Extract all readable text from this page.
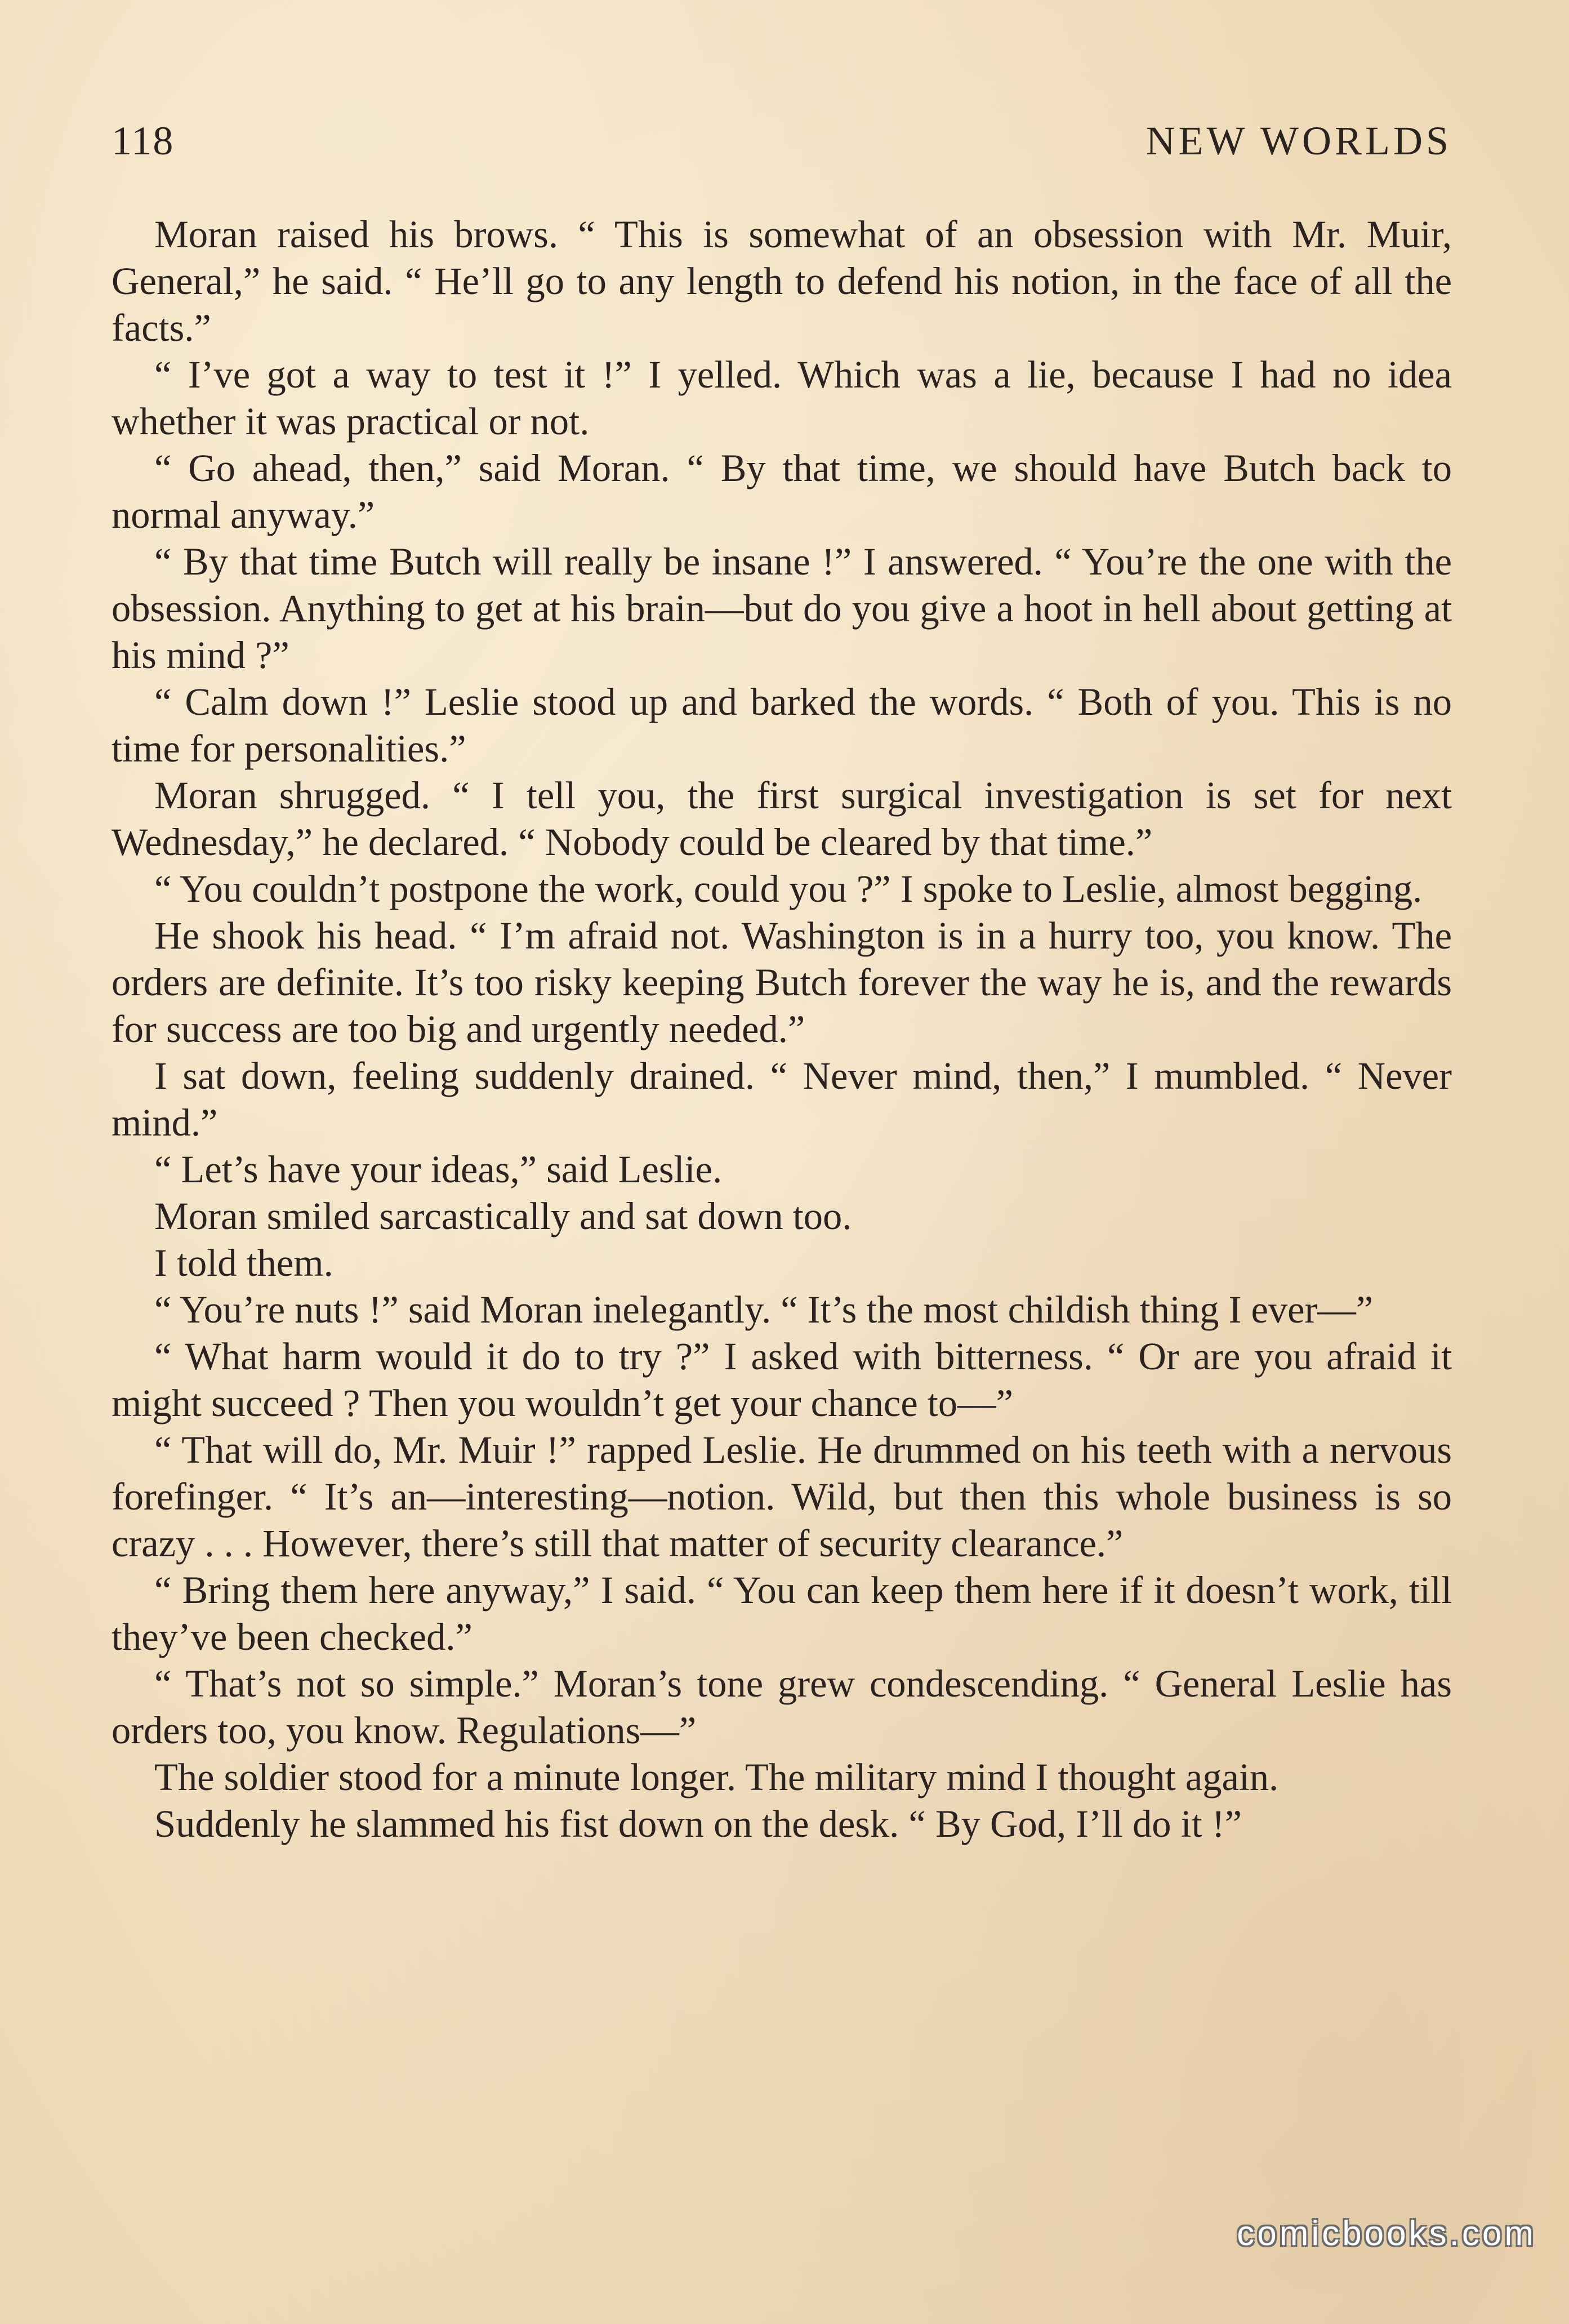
118	NEW WORLDS

Moran raised his brows. “ This is somewhat of an obsession with Mr. Muir, General,” he said. “ He’ll go to any length to defend his notion, in the face of all the facts.”

“ I’ve got a way to test it !” I yelled. Which was a lie, because I had no idea whether it was practical or not.

“ Go ahead, then,” said Moran. “ By that time, we should have Butch back to normal anyway.”

“ By that time Butch will really be insane !” I answered. “ You’re the one with the obsession. Anything to get at his brain—but do you give a hoot in hell about getting at his mind ?”

“ Calm down !” Leslie stood up and barked the words. “ Both of you. This is no time for personalities.”

Moran shrugged. “ I tell you, the first surgical investigation is set for next Wednesday,” he declared. “ Nobody could be cleared by that time.”

“ You couldn’t postpone the work, could you ?” I spoke to Leslie, almost begging.

He shook his head. “ I’m afraid not. Washington is in a hurry too, you know. The orders are definite. It’s too risky keeping Butch forever the way he is, and the rewards for success are too big and urgently needed.”

I sat down, feeling suddenly drained. “ Never mind, then,” I mumbled. “ Never mind.”

“ Let’s have your ideas,” said Leslie.

Moran smiled sarcastically and sat down too.

I told them.

“ You’re nuts !” said Moran inelegantly. “ It’s the most childish thing I ever—”

“ What harm would it do to try ?” I asked with bitterness. “ Or are you afraid it might succeed ? Then you wouldn’t get your chance to—”

“ That will do, Mr. Muir !” rapped Leslie. He drummed on his teeth with a nervous forefinger. “ It’s an—interesting—notion. Wild, but then this whole business is so crazy . . . However, there’s still that matter of security clearance.”

“ Bring them here anyway,” I said. “ You can keep them here if it doesn’t work, till they’ve been checked.”

“ That’s not so simple.” Moran’s tone grew condescending. “ General Leslie has orders too, you know. Regulations—”

The soldier stood for a minute longer. The military mind I thought again.

Suddenly he slammed his fist down on the desk. “ By God, I’ll do it !”

comicbooks.com
